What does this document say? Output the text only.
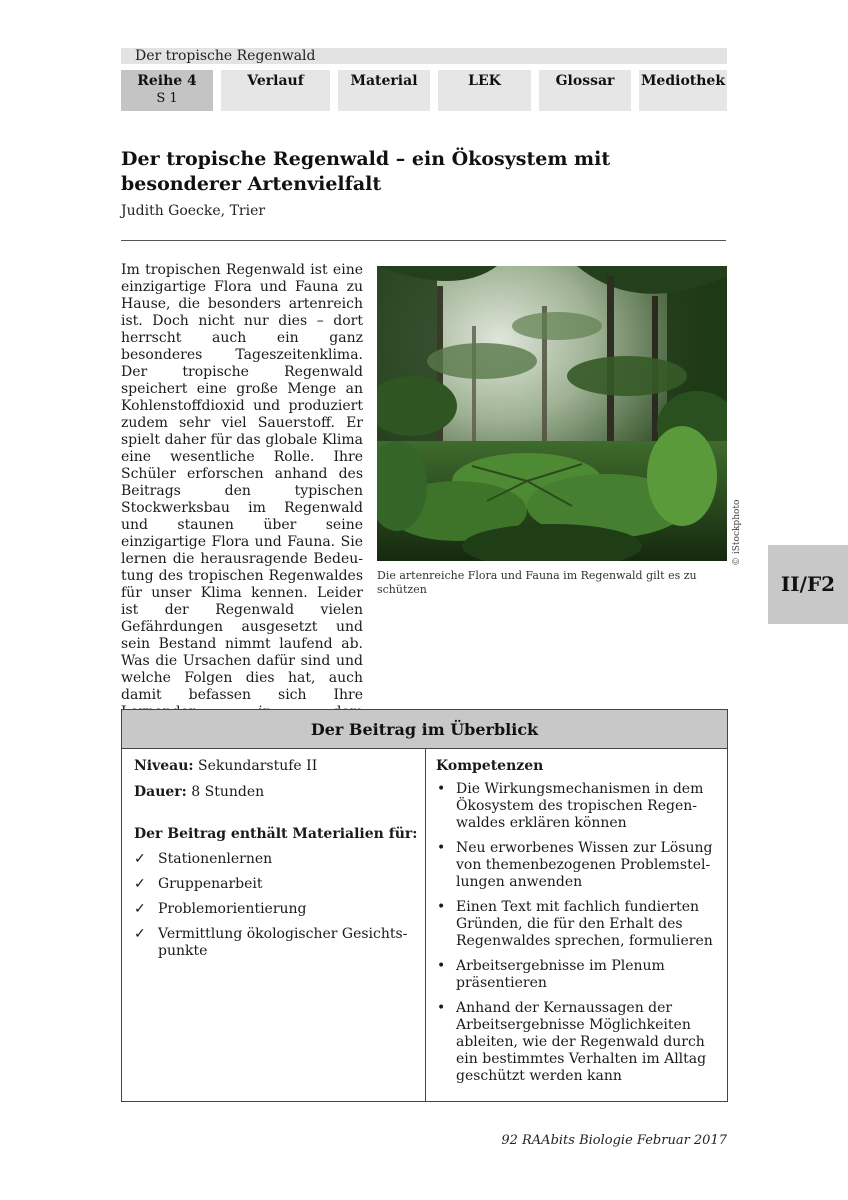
Der tropische Regenwald
Reihe 4
S 1
Verlauf	Material	LEK	Glossar	Mediothek
Der tropische Regenwald – ein Ökosystem mit besonderer Artenvielfalt
Judith Goecke, Trier

Im tropischen Regenwald ist eine einzigartige Flora und Fauna zu Hause, die besonders artenreich ist. Doch nicht nur dies – dort herrscht auch ein ganz besonderes Tageszeitenklima. Der tropische Regenwald speichert eine große Menge an Kohlenstoffdioxid und produziert zudem sehr viel Sauerstoff. Er spielt daher für das globale Klima eine wesentliche Rolle. Ihre Schüler erforschen anhand des Beitrags den typischen Stockwerksbau im Regenwald und staunen über seine einzigartige Flora und Fauna. Sie lernen die herausragende Bedeutung des tropischen Regenwaldes für unser Klima kennen. Leider ist der Regenwald vielen Gefährdungen ausgesetzt und sein Bestand nimmt laufend ab. Was die Ursachen dafür sind und welche Folgen dies hat, auch damit befassen sich Ihre

© iStockphoto

Die artenreiche Flora und Fauna im Regenwald gilt es zu schützen	II/F2
Der Beitrag im Überblick

Niveau: Sekundarstufe II

Dauer: 8 Stunden

Der Beitrag enthält Materialien für:

✓ Stationenlernen
✓ Gruppenarbeit
✓ Problemorientierung
✓ Vermittlung ökologischer Gesichtspunkte

Kompetenzen

• Die Wirkungsmechanismen in dem Ökosystem des tropischen Regenwaldes erklären können
• Neu erworbenes Wissen zur Lösung von themenbezogenen Problemstellungen anwenden
• Einen Text mit fachlich fundierten Gründen, die für den Erhalt des Regenwaldes sprechen, formulieren
• Arbeitsergebnisse im Plenum präsentieren
• Anhand der Kernaussagen der Arbeitsergebnisse Möglichkeiten ableiten, wie der Regenwald durch ein bestimmtes Verhalten im Alltag geschützt werden kann
92 RAAbits Biologie Februar 2017
